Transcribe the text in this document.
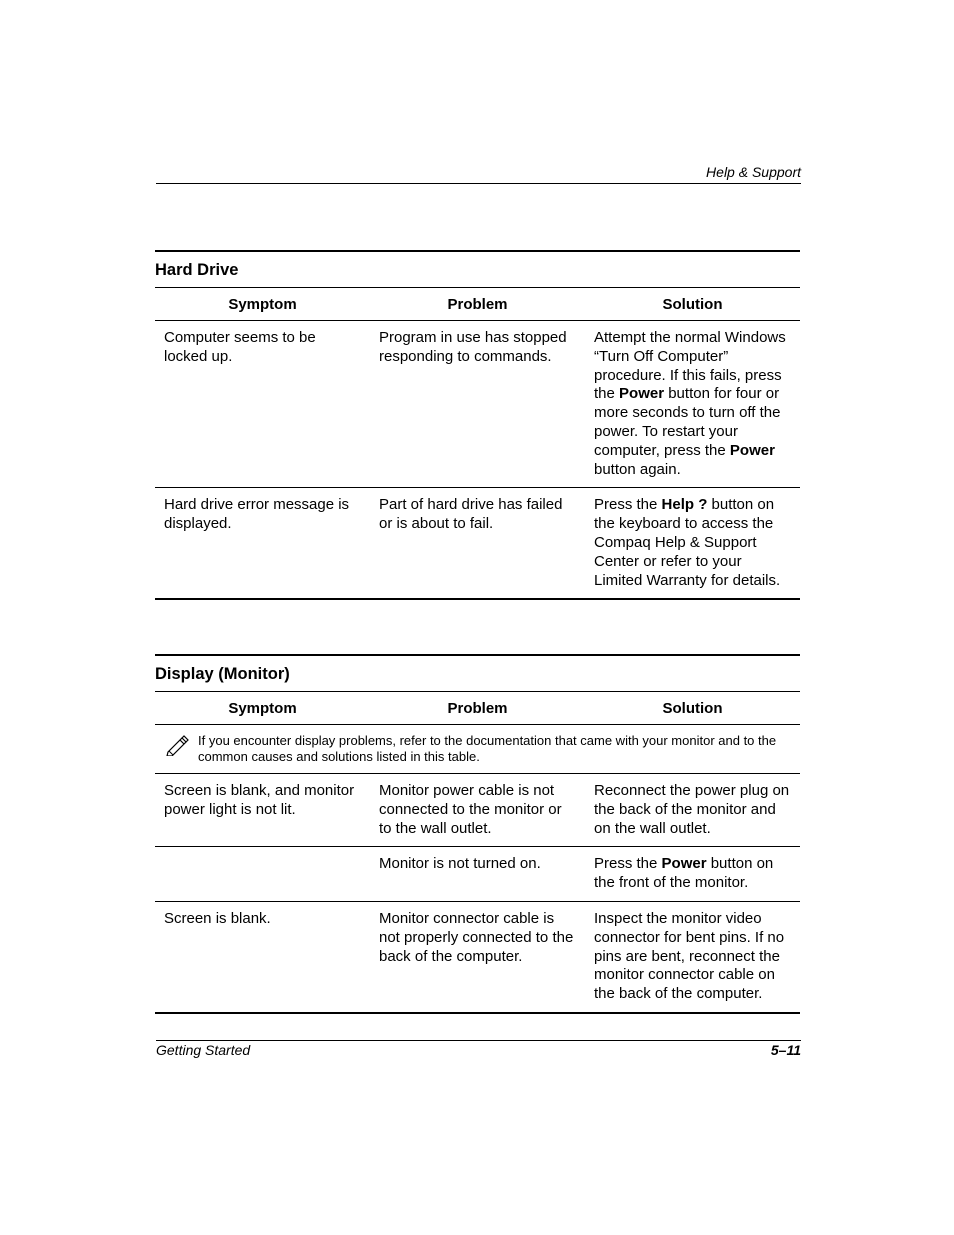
Help & Support
Hard Drive
Symptom	Problem	Solution
Computer seems to be locked up.	Program in use has stopped responding to commands.	Attempt the normal Windows “Turn Off Computer” procedure. If this fails, press the Power button for four or more seconds to turn off the power. To restart your computer, press the Power button again.
Hard drive error message is displayed.	Part of hard drive has failed or is about to fail.	Press the Help ? button on the keyboard to access the Compaq Help & Support Center or refer to your Limited Warranty for details.
Display (Monitor)
Symptom	Problem	Solution

If you encounter display problems, refer to the documentation that came with your monitor and to the common causes and solutions listed in this table.		

Screen is blank, and monitor power light is not lit.	Monitor power cable is not connected to the monitor or to the wall outlet.	Reconnect the power plug on the back of the monitor and on the wall outlet.
	Monitor is not turned on.	Press the Power button on the front of the monitor.
Screen is blank.	Monitor connector cable is not properly connected to the back of the computer.	Inspect the monitor video connector for bent pins. If no pins are bent, reconnect the monitor connector cable on the back of the computer.
Getting Started	5–11
